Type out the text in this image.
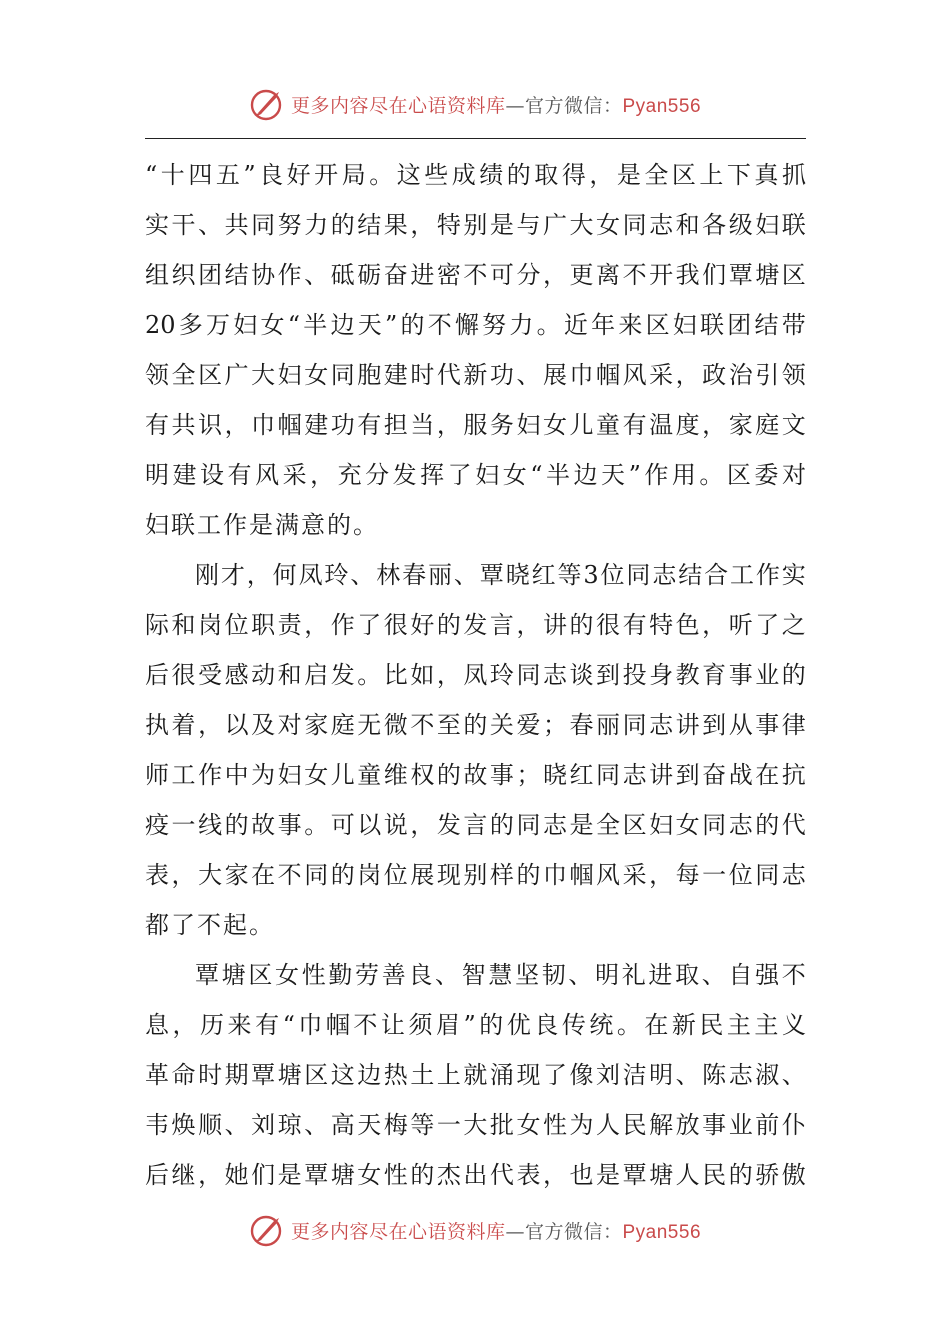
更多内容尽在心语资料库—官方微信：Pyan556
“ 十 四 五 ” 良 好 开 局 。 这 些 成 绩 的 取 得 ， 是 全 区 上 下 真 抓
实 干 、 共 同 努 力 的 结 果 ， 特 别 是 与 广 大 女 同 志 和 各 级 妇 联
组 织 团 结 协 作 、 砥 砺 奋 进 密 不 可 分 ， 更 离 不 开 我 们 覃 塘 区
20 多 万 妇 女 “ 半 边 天 ” 的 不 懈 努 力 。 近 年 来 区 妇 联 团 结 带
领 全 区 广 大 妇 女 同 胞 建 时 代 新 功 、 展 巾 帼 风 采 ， 政 治 引 领
有 共 识 ， 巾 帼 建 功 有 担 当 ， 服 务 妇 女 儿 童 有 温 度 ， 家 庭 文
明 建 设 有 风 采 ， 充 分 发 挥 了 妇 女 “ 半 边 天 ” 作 用 。 区 委 对
妇联工作是满意的。
刚 才 ， 何 凤 玲 、 林 春 丽 、 覃 晓 红 等 3 位 同 志 结 合 工 作 实
际 和 岗 位 职 责 ， 作 了 很 好 的 发 言 ， 讲 的 很 有 特 色 ， 听 了 之
后 很 受 感 动 和 启 发 。 比 如 ， 凤 玲 同 志 谈 到 投 身 教 育 事 业 的
执 着 ， 以 及 对 家 庭 无 微 不 至 的 关 爱 ； 春 丽 同 志 讲 到 从 事 律
师 工 作 中 为 妇 女 儿 童 维 权 的 故 事 ； 晓 红 同 志 讲 到 奋 战 在 抗
疫 一 线 的 故 事 。 可 以 说 ， 发 言 的 同 志 是 全 区 妇 女 同 志 的 代
表 ， 大 家 在 不 同 的 岗 位 展 现 别 样 的 巾 帼 风 采 ， 每 一 位 同 志
都了不起。
覃 塘 区 女 性 勤 劳 善 良 、 智 慧 坚 韧 、 明 礼 进 取 、 自 强 不
息 ， 历 来 有 “ 巾 帼 不 让 须 眉 ” 的 优 良 传 统 。 在 新 民 主 主 义
革 命 时 期 覃 塘 区 这 边 热 土 上 就 涌 现 了 像 刘 洁 明 、 陈 志 淑 、
韦 焕 顺 、 刘 琼 、 高 天 梅 等 一 大 批 女 性 为 人 民 解 放 事 业 前 仆
后 继 ， 她 们 是 覃 塘 女 性 的 杰 出 代 表 ， 也 是 覃 塘 人 民 的 骄 傲
更多内容尽在心语资料库—官方微信：Pyan556
